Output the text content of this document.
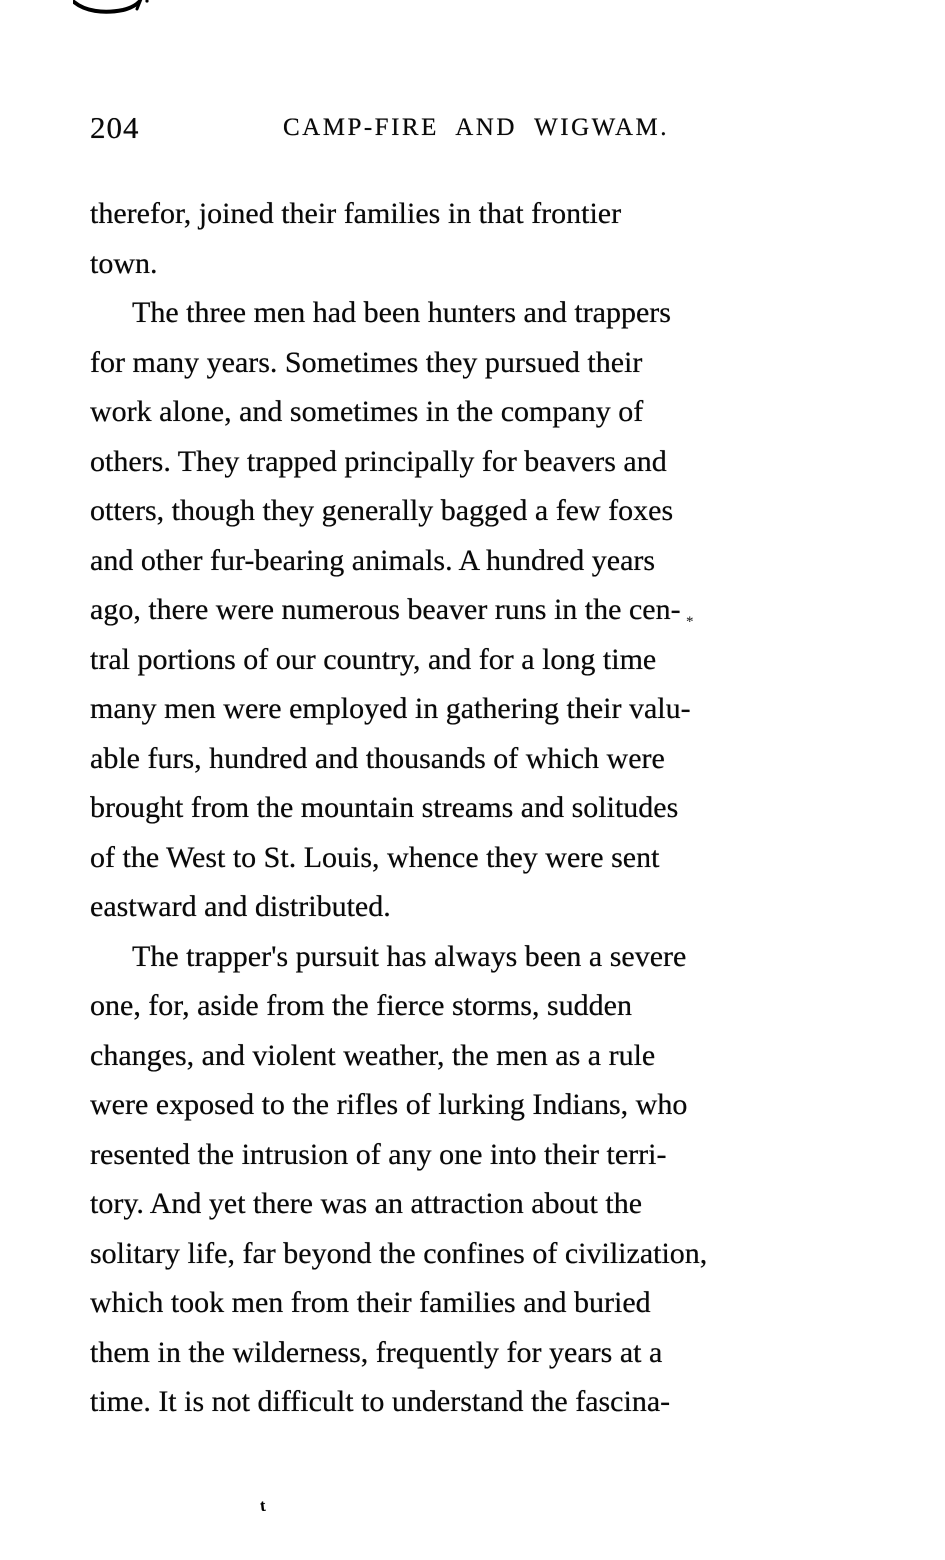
204	CAMP-FIRE AND WIGWAM.
therefor, joined their families in that frontier
town.
The three men had been hunters and trappers
for many years. Sometimes they pursued their
work alone, and sometimes in the company of
others. They trapped principally for beavers and
otters, though they generally bagged a few foxes
and other fur-bearing animals. A hundred years
ago, there were numerous beaver runs in the cen-
tral portions of our country, and for a long time
many men were employed in gathering their valu-
able furs, hundred and thousands of which were
brought from the mountain streams and solitudes
of the West to St. Louis, whence they were sent
eastward and distributed.
The trapper's pursuit has always been a severe
one, for, aside from the fierce storms, sudden
changes, and violent weather, the men as a rule
were exposed to the rifles of lurking Indians, who
resented the intrusion of any one into their terri-
tory. And yet there was an attraction about the
solitary life, far beyond the confines of civilization,
which took men from their families and buried
them in the wilderness, frequently for years at a
time. It is not difficult to understand the fascina-
*
t
